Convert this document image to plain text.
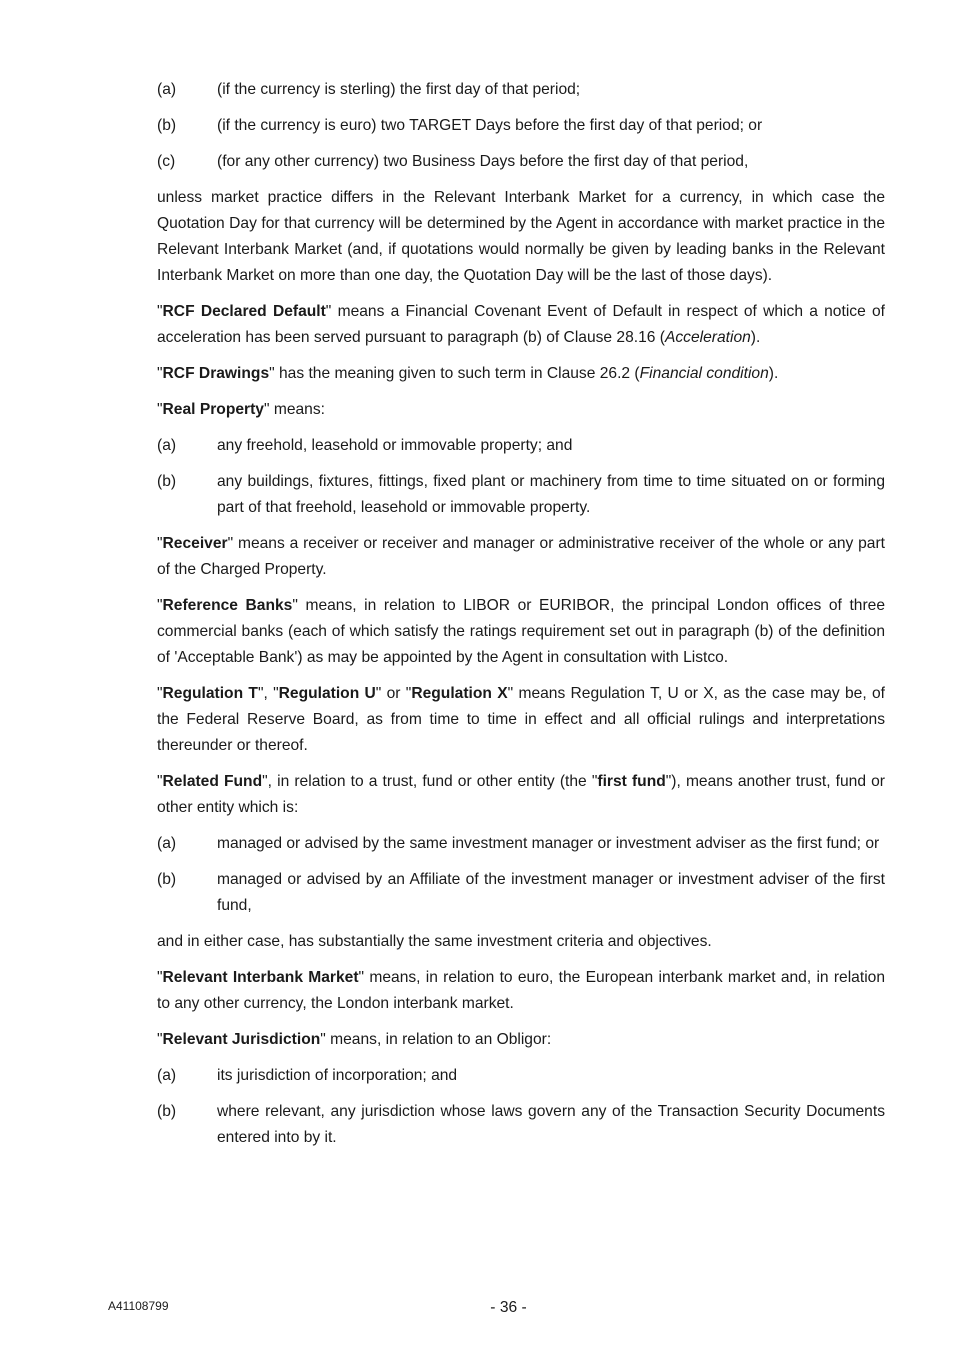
(a)	(if the currency is sterling) the first day of that period;
(b)	(if the currency is euro) two TARGET Days before the first day of that period; or
(c)	(for any other currency) two Business Days before the first day of that period,

unless market practice differs in the Relevant Interbank Market for a currency, in which case the Quotation Day for that currency will be determined by the Agent in accordance with market practice in the Relevant Interbank Market (and, if quotations would normally be given by leading banks in the Relevant Interbank Market on more than one day, the Quotation Day will be the last of those days).

"RCF Declared Default" means a Financial Covenant Event of Default in respect of which a notice of acceleration has been served pursuant to paragraph (b) of Clause 28.16 (Acceleration).

"RCF Drawings" has the meaning given to such term in Clause 26.2 (Financial condition).

"Real Property" means:

(a)	any freehold, leasehold or immovable property; and
(b)	any buildings, fixtures, fittings, fixed plant or machinery from time to time situated on or forming part of that freehold, leasehold or immovable property.

"Receiver" means a receiver or receiver and manager or administrative receiver of the whole or any part of the Charged Property.

"Reference Banks" means, in relation to LIBOR or EURIBOR, the principal London offices of three commercial banks (each of which satisfy the ratings requirement set out in paragraph (b) of the definition of 'Acceptable Bank') as may be appointed by the Agent in consultation with Listco.

"Regulation T", "Regulation U" or "Regulation X" means Regulation T, U or X, as the case may be, of the Federal Reserve Board, as from time to time in effect and all official rulings and interpretations thereunder or thereof.

"Related Fund", in relation to a trust, fund or other entity (the "first fund"), means another trust, fund or other entity which is:

(a)	managed or advised by the same investment manager or investment adviser as the first fund; or
(b)	managed or advised by an Affiliate of the investment manager or investment adviser of the first fund,

and in either case, has substantially the same investment criteria and objectives.

"Relevant Interbank Market" means, in relation to euro, the European interbank market and, in relation to any other currency, the London interbank market.

"Relevant Jurisdiction" means, in relation to an Obligor:

(a)	its jurisdiction of incorporation; and
(b)	where relevant, any jurisdiction whose laws govern any of the Transaction Security Documents entered into by it.
A41108799	- 36 -
